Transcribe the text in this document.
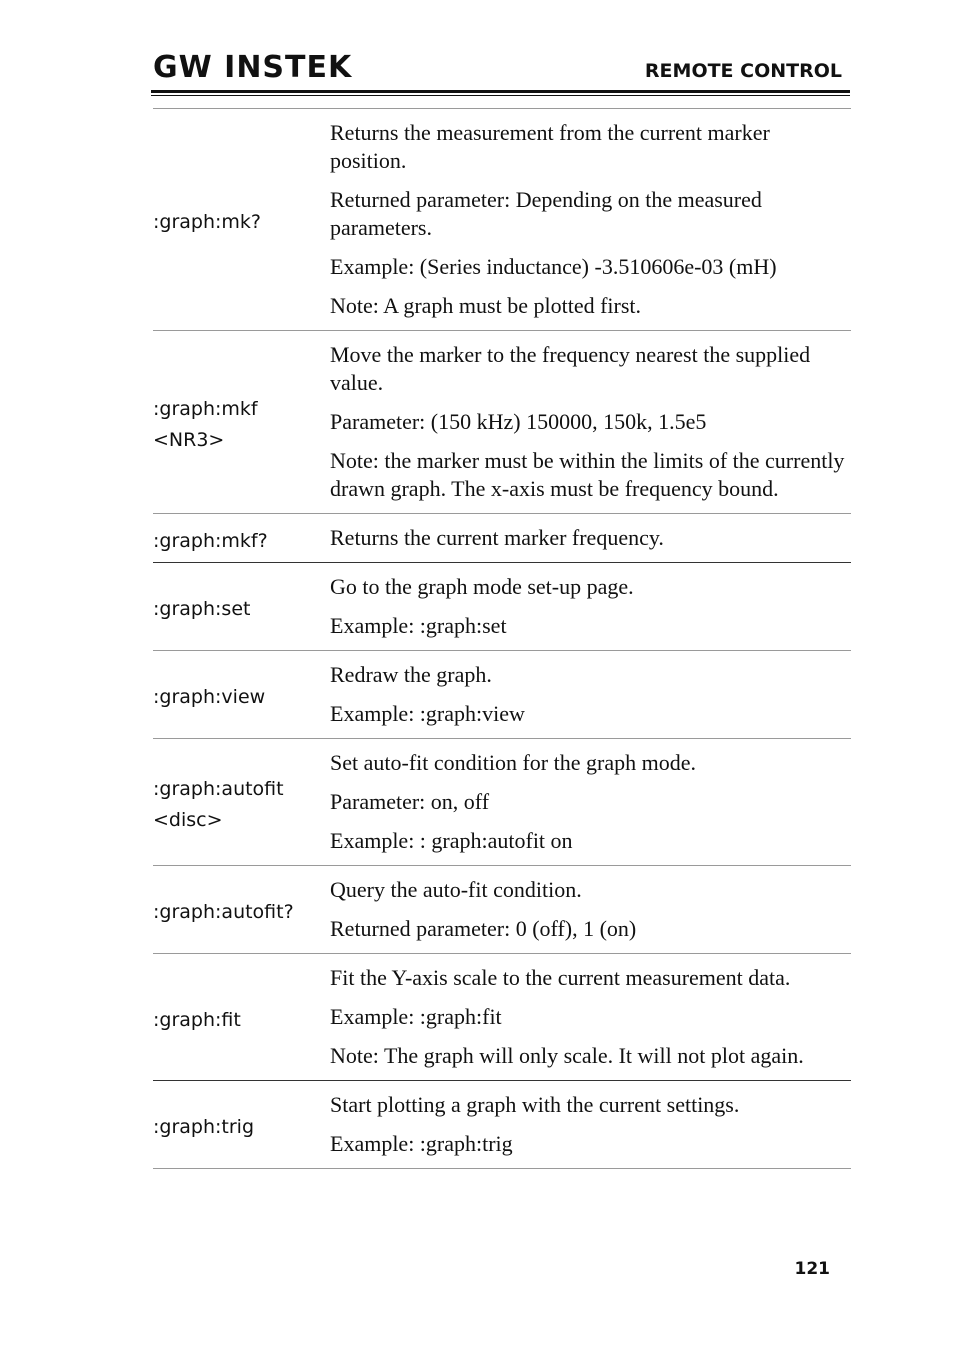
GW INSTEK	REMOTE CONTROL
:graph:mk?

Returns the measurement from the current marker position.

Returned parameter: Depending on the measured parameters.

Example: (Series inductance) -3.510606e-03 (mH)

Note: A graph must be plotted first.

:graph:mkf
<NR3>

Move the marker to the frequency nearest the supplied value.

Parameter: (150 kHz) 150000, 150k, 1.5e5

Note: the marker must be within the limits of the currently drawn graph. The x-axis must be frequency bound.

:graph:mkf?	Returns the current marker frequency.

:graph:set

Go to the graph mode set-up page.

Example: :graph:set

:graph:view

Redraw the graph.

Example: :graph:view

:graph:autofit
<disc>

Set auto-fit condition for the graph mode.

Parameter: on, off

Example: : graph:autofit on

:graph:autofit?

Query the auto-fit condition.

Returned parameter: 0 (off), 1 (on)

:graph:fit

Fit the Y-axis scale to the current measurement data.

Example: :graph:fit

Note: The graph will only scale. It will not plot again.

:graph:trig

Start plotting a graph with the current settings.

Example: :graph:trig

121
